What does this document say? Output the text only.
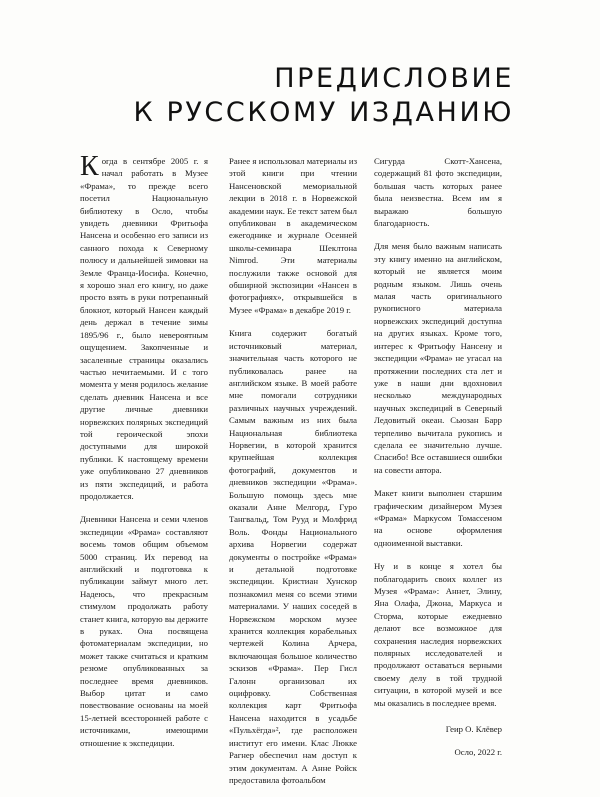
ПРЕДИСЛОВИЕ
К РУССКОМУ ИЗДАНИЮ

Когда в сентябре 2005 г. я начал работать в Музее «Фрама», то прежде всего посетил Национальную библиотеку в Осло, чтобы увидеть дневники Фритьофа Нансена и особенно его записи из санного похода к Северному полюсу и дальнейшей зимовки на Земле Франца-Иосифа. Конечно, я хорошо знал его книгу, но даже просто взять в руки потрепанный блокнот, который Нансен каждый день держал в течение зимы 1895/96 г., было невероятным ощущением. Закопченные и засаленные страницы оказались частью нечитаемыми. И с того момента у меня родилось желание сделать дневник Нансена и все другие личные дневники норвежских полярных экспедиций той героической эпохи доступными для широкой публики. К настоящему времени уже опубликовано 27 дневников из пяти экспедиций, и работа продолжается.

Дневники Нансена и семи членов экспедиции «Фрама» составляют восемь томов общим объемом 5000 страниц. Их перевод на английский и подготовка к публикации займут много лет. Надеюсь, что прекрасным стимулом продолжать работу станет книга, которую вы держите в руках. Она посвящена фотоматериалам экспедиции, но может также считаться и кратким резюме опубликованных за последнее время дневников. Выбор цитат и само повествование основаны на моей 15-летней всесторонней работе с источниками, имеющими отношение к экспедиции.

Ранее я использовал материалы из этой книги при чтении Нансеновской мемориальной лекции в 2018 г. в Норвежской академии наук. Ее текст затем был опубликован в академическом ежегоднике и журнале Осенней школы-семинара Шеклтона Nimrod. Эти материалы послужили также основой для обширной экспозиции «Нансен в фотографиях», открывшейся в Музее «Фрама» в декабре 2019 г.

Книга содержит богатый источниковый материал, значительная часть которого не публиковалась ранее на английском языке. В моей работе мне помогали сотрудники различных научных учреждений. Самым важным из них была Национальная библиотека Норвегии, в которой хранится крупнейшая коллекция фотографий, документов и дневников экспедиции «Фрама». Большую помощь здесь мне оказали Анне Мелгорд, Гуро Тангвальд, Том Рууд и Молфрид Воль. Фонды Национального архива Норвегии содержат документы о постройке «Фрама» и детальной подготовке экспедиции. Кристиан Хунскор познакомил меня со всеми этими материалами. У наших соседей в Норвежском морском музее хранится коллекция корабельных чертежей Колина Арчера, включающая большое количество эскизов «Фрама». Пер Гисл Галонн организовал их оцифровку. Собственная коллекция карт Фритьофа Нансена находится в усадьбе «Пульхёгда»², где расположен институт его имени. Клас Люкке Рагнер обеспечил нам доступ к этим документам. А Анне Ройск предоставила фотоальбом

Сигурда Скотт-Хансена, содержащий 81 фото экспедиции, большая часть которых ранее была неизвестна. Всем им я выражаю большую благодарность.

Для меня было важным написать эту книгу именно на английском, который не является моим родным языком. Лишь очень малая часть оригинального рукописного материала норвежских экспедиций доступна на других языках. Кроме того, интерес к Фритьофу Нансену и экспедиции «Фрама» не угасал на протяжении последних ста лет и уже в наши дни вдохновил несколько международных научных экспедиций в Северный Ледовитый океан. Сьюзан Барр терпеливо вычитала рукопись и сделала ее значительно лучше. Спасибо! Все оставшиеся ошибки на совести автора.

Макет книги выполнен старшим графическим дизайнером Музея «Фрама» Маркусом Томассеном на основе оформления одноименной выставки.

Ну и в конце я хотел бы поблагодарить своих коллег из Музея «Фрама»: Аннет, Элину, Яна Олафа, Джона, Маркуса и Сторма, которые ежедневно делают все возможное для сохранения наследия норвежских полярных исследователей и продолжают оставаться верными своему делу в той трудной ситуации, в которой музей и все мы оказались в последнее время.

Геир О. Клёвер

Осло, 2022 г.
